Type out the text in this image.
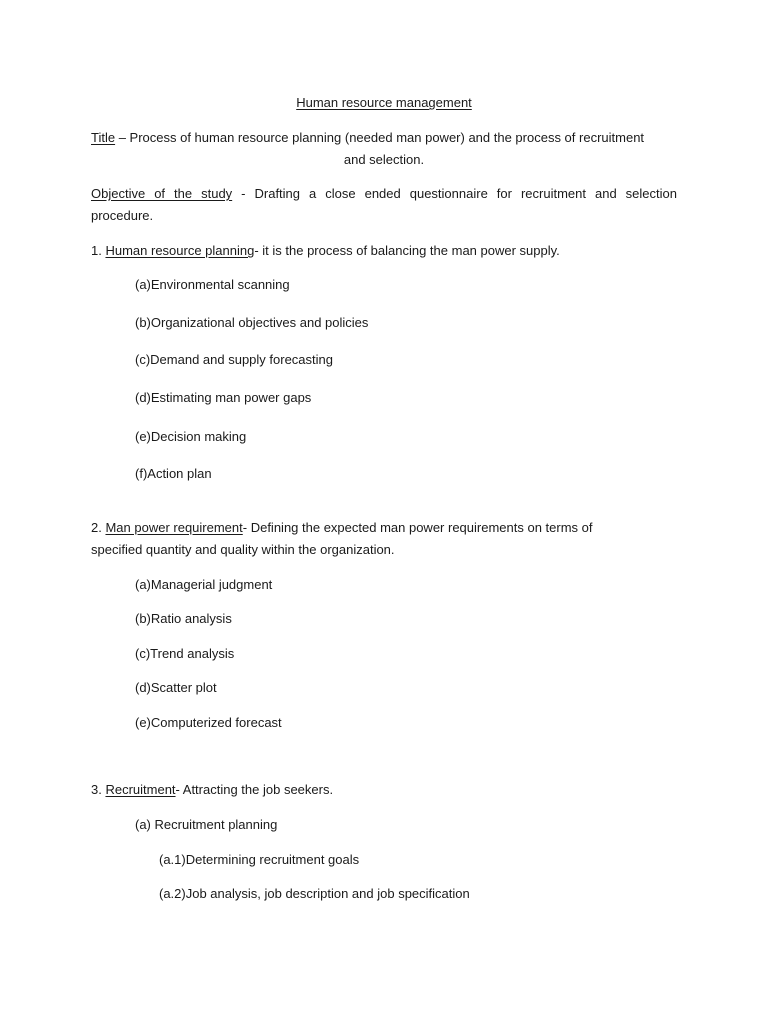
Human resource management
Title – Process of human resource planning (needed man power) and the process of recruitment
and selection.
Objective of the study - Drafting a close ended questionnaire for recruitment and selection
procedure.
1. Human resource planning- it is the process of balancing the man power supply.
(a)Environmental scanning
(b)Organizational objectives and policies
(c)Demand and supply forecasting
(d)Estimating man power gaps
(e)Decision making
(f)Action plan
2. Man power requirement- Defining the expected man power requirements on terms of
specified quantity and quality within the organization.
(a)Managerial judgment
(b)Ratio analysis
(c)Trend analysis
(d)Scatter plot
(e)Computerized forecast
3. Recruitment- Attracting the job seekers.
(a) Recruitment planning
(a.1)Determining recruitment goals
(a.2)Job analysis, job description and job specification
